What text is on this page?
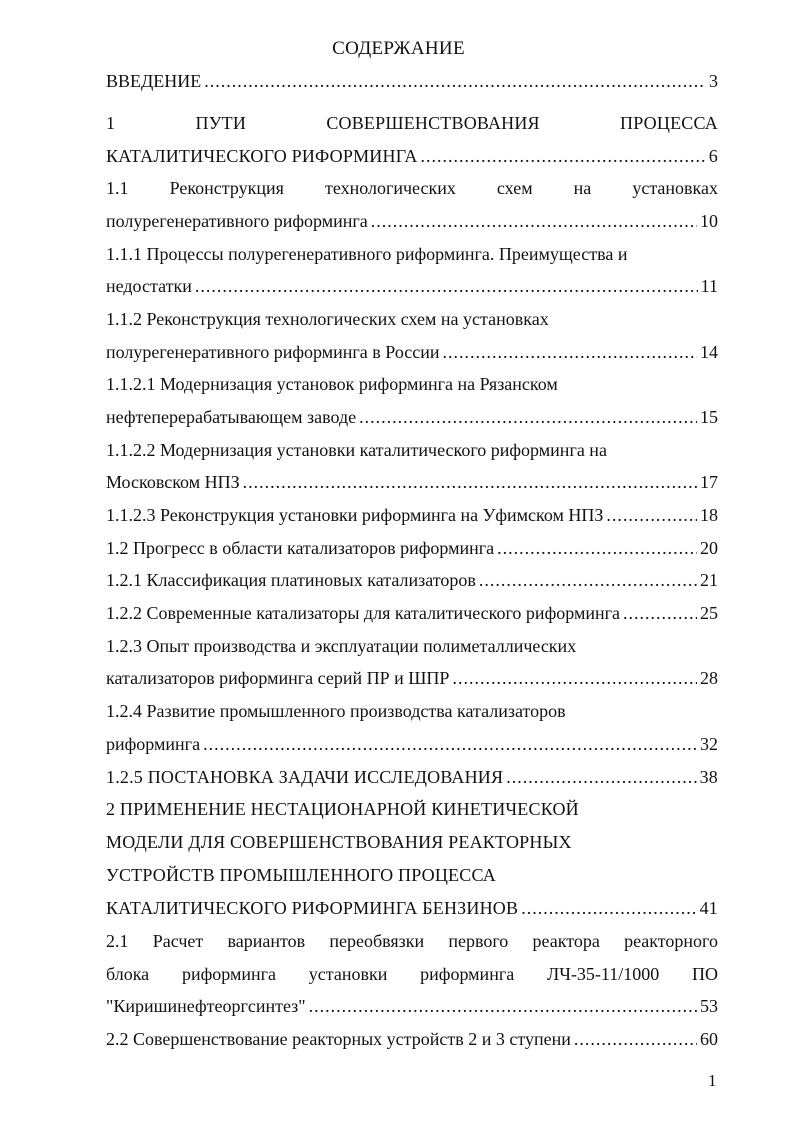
СОДЕРЖАНИЕ
ВВЕДЕНИЕ .....	3
1 ПУТИ СОВЕРШЕНСТВОВАНИЯ ПРОЦЕССА
КАТАЛИТИЧЕСКОГО РИФОРМИНГА .....	6
1.1 Реконструкция технологических схем на установках
полурегенеративного риформинга .....	10
1.1.1 Процессы полурегенеративного риформинга. Преимущества и
недостатки .....	11
1.1.2 Реконструкция технологических схем на установках
полурегенеративного риформинга в России .....	14
1.1.2.1 Модернизация установок риформинга на Рязанском
нефтеперерабатывающем заводе .....	15
1.1.2.2 Модернизация установки каталитического риформинга на
Московском НПЗ .....	17
1.1.2.3 Реконструкция установки риформинга на Уфимском НПЗ .....	18
1.2 Прогресс в области катализаторов риформинга .....	20
1.2.1 Классификация платиновых катализаторов .....	21
1.2.2 Современные катализаторы для каталитического риформинга .....	25
1.2.3 Опыт производства и эксплуатации полиметаллических
катализаторов риформинга серий ПР и ШПР .....	28
1.2.4 Развитие промышленного производства катализаторов
риформинга .....	32
1.2.5 ПОСТАНОВКА ЗАДАЧИ ИССЛЕДОВАНИЯ .....	38
2 ПРИМЕНЕНИЕ НЕСТАЦИОНАРНОЙ КИНЕТИЧЕСКОЙ
МОДЕЛИ ДЛЯ СОВЕРШЕНСТВОВАНИЯ РЕАКТОРНЫХ
УСТРОЙСТВ ПРОМЫШЛЕННОГО ПРОЦЕССА
КАТАЛИТИЧЕСКОГО РИФОРМИНГА БЕНЗИНОВ .....	41
2.1 Расчет вариантов переобвязки первого реактора реакторного
блока риформинга установки риформинга ЛЧ-35-11/1000 ПО
"Киришинефтеоргсинтез" .....	53
2.2 Совершенствование реакторных устройств 2 и 3 ступени .....	60
1
